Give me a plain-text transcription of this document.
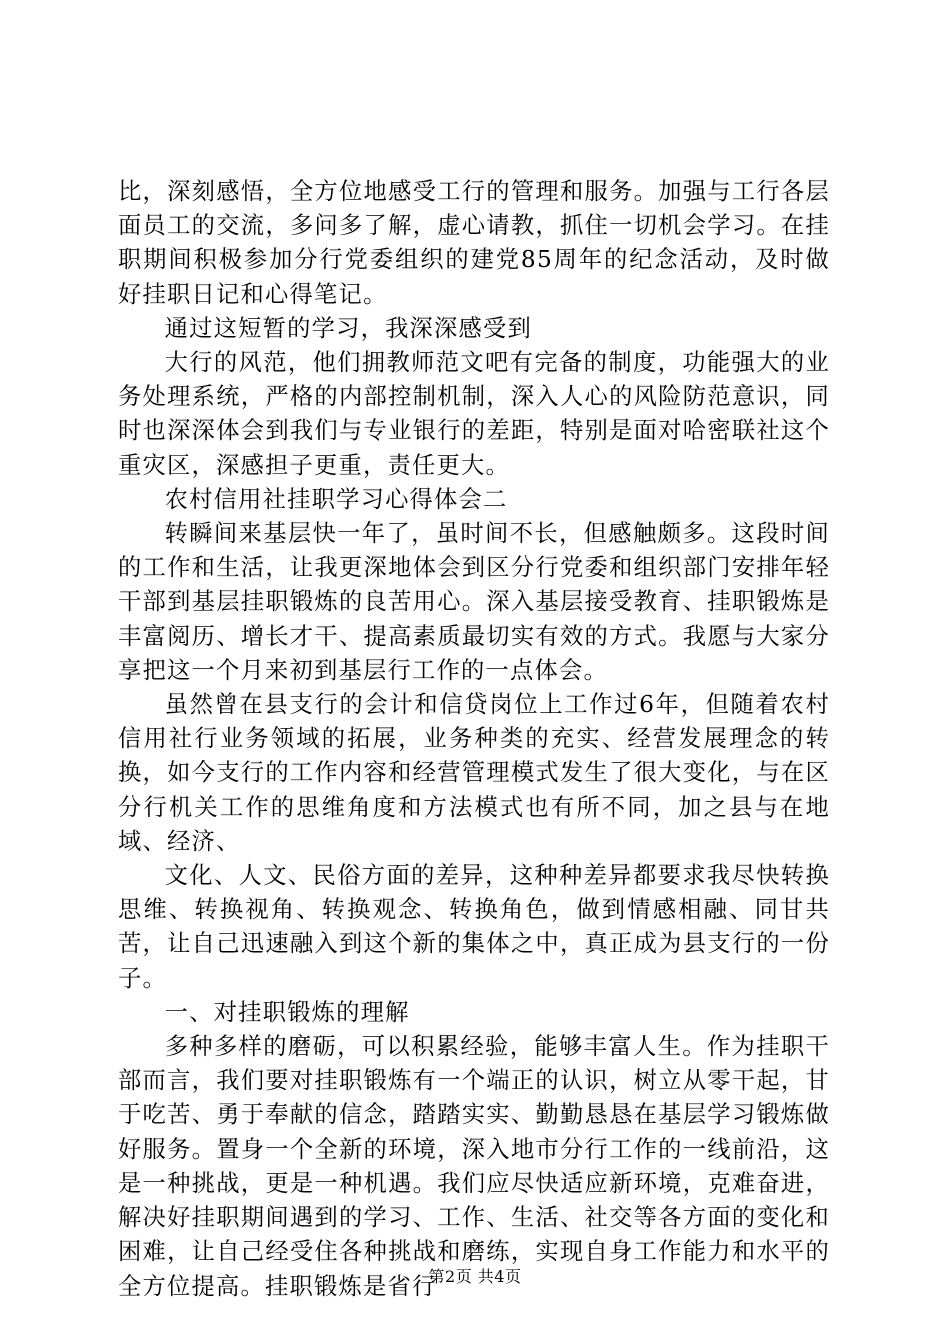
比，深刻感悟，全方位地感受工行的管理和服务。加强与工行各层面员工的交流，多问多了解，虚心请教，抓住一切机会学习。在挂职期间积极参加分行党委组织的建党85周年的纪念活动，及时做好挂职日记和心得笔记。

通过这短暂的学习，我深深感受到

大行的风范，他们拥教师范文吧有完备的制度，功能强大的业务处理系统，严格的内部控制机制，深入人心的风险防范意识，同时也深深体会到我们与专业银行的差距，特别是面对哈密联社这个重灾区，深感担子更重，责任更大。

农村信用社挂职学习心得体会二

转瞬间来基层快一年了，虽时间不长，但感触颇多。这段时间的工作和生活，让我更深地体会到区分行党委和组织部门安排年轻干部到基层挂职锻炼的良苦用心。深入基层接受教育、挂职锻炼是丰富阅历、增长才干、提高素质最切实有效的方式。我愿与大家分享把这一个月来初到基层行工作的一点体会。

虽然曾在县支行的会计和信贷岗位上工作过6年，但随着农村信用社行业务领域的拓展，业务种类的充实、经营发展理念的转换，如今支行的工作内容和经营管理模式发生了很大变化，与在区分行机关工作的思维角度和方法模式也有所不同，加之县与在地域、经济、

文化、人文、民俗方面的差异，这种种差异都要求我尽快转换思维、转换视角、转换观念、转换角色，做到情感相融、同甘共苦，让自己迅速融入到这个新的集体之中，真正成为县支行的一份子。

一、对挂职锻炼的理解

多种多样的磨砺，可以积累经验，能够丰富人生。作为挂职干部而言，我们要对挂职锻炼有一个端正的认识，树立从零干起，甘于吃苦、勇于奉献的信念，踏踏实实、勤勤恳恳在基层学习锻炼做好服务。置身一个全新的环境，深入地市分行工作的一线前沿，这是一种挑战，更是一种机遇。我们应尽快适应新环境，克难奋进，解决好挂职期间遇到的学习、工作、生活、社交等各方面的变化和困难，让自己经受住各种挑战和磨练，实现自身工作能力和水平的全方位提高。挂职锻炼是省行

第2页 共4页
